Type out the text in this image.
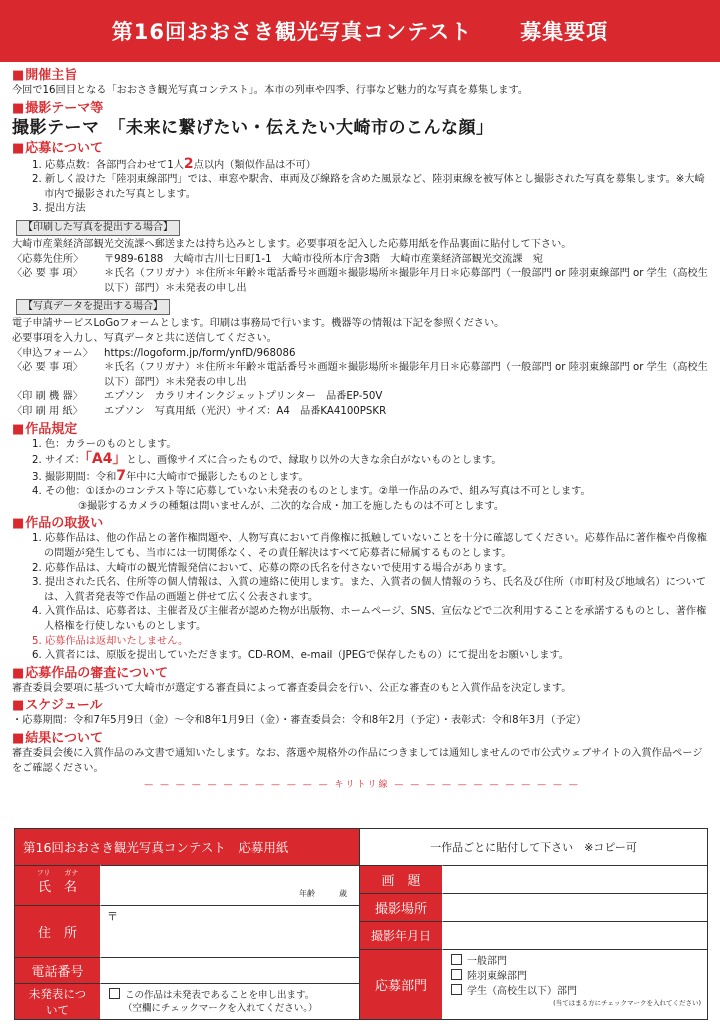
第16回おおさき観光写真コンテスト 募集要項
■ 開催主旨
今回で16回目となる「おおさき観光写真コンテスト」。本市の列車や四季、行事など魅力的な写真を募集します。
■ 撮影テーマ等
撮影テーマ　「未来に繋げたい・伝えたい大崎市のこんな顔」
■ 応募について
1. 応募点数：各部門合わせて1人2点以内（類似作品は不可）
2. 新しく設けた「陸羽東線部門」では、車窓や駅舎、車両及び線路を含めた風景など、陸羽東線を被写体とし撮影された写真を募集します。※大崎市内で撮影された写真とします。
3. 提出方法
【印刷した写真を提出する場合】
大崎市産業経済部観光交流課へ郵送または持ち込みとします。必要事項を記入した応募用紙を作品裏面に貼付して下さい。
〈応募先住所〉	〒989-6188　大崎市古川七日町1-1　大崎市役所本庁舎3階　大崎市産業経済部観光交流課　宛
〈必 要 事 項〉	＊氏名（フリガナ）＊住所＊年齢＊電話番号＊画題＊撮影場所＊撮影年月日＊応募部門（一般部門 or 陸羽東線部門 or 学生（高校生以下）部門）＊未発表の申し出
【写真データを提出する場合】
電子申請サービスLoGoフォームとします。印刷は事務局で行います。機器等の情報は下記を参照ください。
必要事項を入力し、写真データと共に送信してください。
〈申込フォーム〉	https://logoform.jp/form/ynfD/968086
〈必 要 事 項〉	＊氏名（フリガナ）＊住所＊年齢＊電話番号＊画題＊撮影場所＊撮影年月日＊応募部門（一般部門 or 陸羽東線部門 or 学生（高校生以下）部門）＊未発表の申し出
〈印 刷 機 器〉	エプソン　カラリオインクジェットプリンター　品番EP-50V
〈印 刷 用 紙〉	エプソン　写真用紙（光沢）サイズ：A4　品番KA4100PSKR
■ 作品規定
1. 色：カラーのものとします。
2. サイズ：「A4」とし、画像サイズに合ったもので、縁取り以外の大きな余白がないものとします。
3. 撮影期間：令和7年中に大崎市で撮影したものとします。
4. その他：①ほかのコンテスト等に応募していない未発表のものとします。②単一作品のみで、組み写真は不可とします。
③撮影するカメラの種類は問いませんが、二次的な合成・加工を施したものは不可とします。
■ 作品の取扱い
1. 応募作品は、他の作品との著作権問題や、人物写真において肖像権に抵触していないことを十分に確認してください。応募作品に著作権や肖像権の問題が発生しても、当市には一切関係なく、その責任解決はすべて応募者に帰属するものとします。
2. 応募作品は、大崎市の観光情報発信において、応募の際の氏名を付さないで使用する場合があります。
3. 提出された氏名、住所等の個人情報は、入賞の連絡に使用します。また、入賞者の個人情報のうち、氏名及び住所（市町村及び地域名）については、入賞者発表等で作品の画題と併せて広く公表されます。
4. 入賞作品は、応募者は、主催者及び主催者が認めた物が出版物、ホームページ、SNS、宣伝などで二次利用することを承諾するものとし、著作権人格権を行使しないものとします。
5. 応募作品は返却いたしません。
6. 入賞者には、原版を提出していただきます。CD-ROM、e-mail（JPEGで保存したもの）にて提出をお願いします。
■ 応募作品の審査について
審査委員会要項に基づいて大崎市が選定する審査員によって審査委員会を行い、公正な審査のもと入賞作品を決定します。
■ スケジュール
・応募期間：令和7年5月9日（金）〜令和8年1月9日（金）・審査委員会：令和8年2月（予定）・表彰式：令和8年3月（予定）
■ 結果について
審査委員会後に入賞作品のみ文書で通知いたします。なお、落選や規格外の作品につきましては通知しませんので市公式ウェブサイトの入賞作品ページをご確認ください。
— — — — — — — — — — — — キリトリ線 — — — — — — — — — — — —
第16回おおさき観光写真コンテスト　応募用紙	一作品ごとに貼付して下さい　※コピー可
フリ　　ガナ
氏　名	年齢　　　歳
住　所
〒
電話番号
未発表について
この作品は未発表であることを申し出ます。
（空欄にチェックマークを入れてください。）
画　題
撮影場所
撮影年月日
応募部門
一般部門
陸羽東線部門
学生（高校生以下）部門
(当てはまる方にチェックマークを入れてください)
